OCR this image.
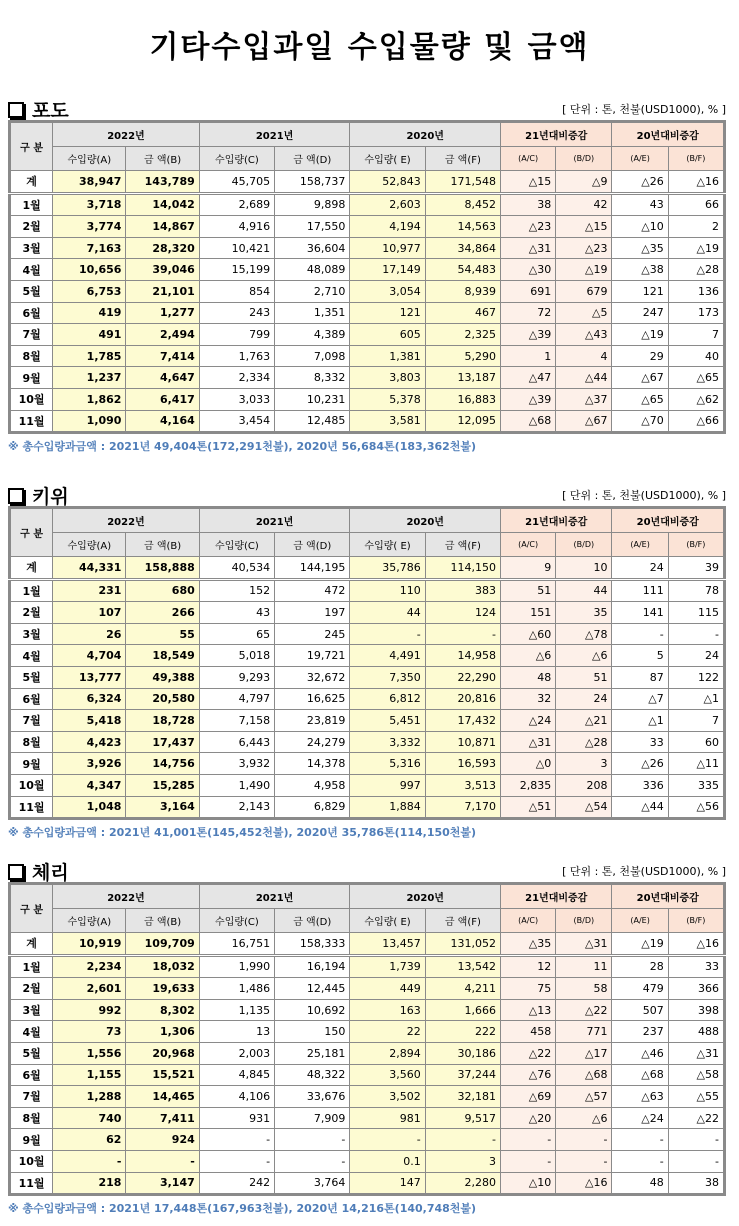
기타수입과일 수입물량 및 금액
포도	[ 단위 : 톤, 천불(USD1000), % ]
구 분	2022년		2021년		2020년		21년대비증감		20년대비증감	
	수입량(A)	금 액(B)	수입량(C)	금 액(D)	수입량( E)	금 액(F)	(A/C)	(B/D)	(A/E)	(B/F)
계	38,947	143,789	45,705	158,737	52,843	171,548	△15	△9	△26	△16
1월	3,718	14,042	2,689	9,898	2,603	8,452	38	42	43	66
2월	3,774	14,867	4,916	17,550	4,194	14,563	△23	△15	△10	2
3월	7,163	28,320	10,421	36,604	10,977	34,864	△31	△23	△35	△19
4월	10,656	39,046	15,199	48,089	17,149	54,483	△30	△19	△38	△28
5월	6,753	21,101	854	2,710	3,054	8,939	691	679	121	136
6월	419	1,277	243	1,351	121	467	72	△5	247	173
7월	491	2,494	799	4,389	605	2,325	△39	△43	△19	7
8월	1,785	7,414	1,763	7,098	1,381	5,290	1	4	29	40
9월	1,237	4,647	2,334	8,332	3,803	13,187	△47	△44	△67	△65
10월	1,862	6,417	3,033	10,231	5,378	16,883	△39	△37	△65	△62
11월	1,090	4,164	3,454	12,485	3,581	12,095	△68	△67	△70	△66
※ 총수입량과금액 : 2021년 49,404톤(172,291천불), 2020년 56,684톤(183,362천불)
키위	[ 단위 : 톤, 천불(USD1000), % ]
구 분	2022년		2021년		2020년		21년대비증감		20년대비증감	
	수입량(A)	금 액(B)	수입량(C)	금 액(D)	수입량( E)	금 액(F)	(A/C)	(B/D)	(A/E)	(B/F)
계	44,331	158,888	40,534	144,195	35,786	114,150	9	10	24	39
1월	231	680	152	472	110	383	51	44	111	78
2월	107	266	43	197	44	124	151	35	141	115
3월	26	55	65	245	-	-	△60	△78	-	-
4월	4,704	18,549	5,018	19,721	4,491	14,958	△6	△6	5	24
5월	13,777	49,388	9,293	32,672	7,350	22,290	48	51	87	122
6월	6,324	20,580	4,797	16,625	6,812	20,816	32	24	△7	△1
7월	5,418	18,728	7,158	23,819	5,451	17,432	△24	△21	△1	7
8월	4,423	17,437	6,443	24,279	3,332	10,871	△31	△28	33	60
9월	3,926	14,756	3,932	14,378	5,316	16,593	△0	3	△26	△11
10월	4,347	15,285	1,490	4,958	997	3,513	2,835	208	336	335
11월	1,048	3,164	2,143	6,829	1,884	7,170	△51	△54	△44	△56
※ 총수입량과금액 : 2021년 41,001톤(145,452천불), 2020년 35,786톤(114,150천불)
체리	[ 단위 : 톤, 천불(USD1000), % ]
구 분	2022년		2021년		2020년		21년대비증감		20년대비증감	
	수입량(A)	금 액(B)	수입량(C)	금 액(D)	수입량( E)	금 액(F)	(A/C)	(B/D)	(A/E)	(B/F)
계	10,919	109,709	16,751	158,333	13,457	131,052	△35	△31	△19	△16
1월	2,234	18,032	1,990	16,194	1,739	13,542	12	11	28	33
2월	2,601	19,633	1,486	12,445	449	4,211	75	58	479	366
3월	992	8,302	1,135	10,692	163	1,666	△13	△22	507	398
4월	73	1,306	13	150	22	222	458	771	237	488
5월	1,556	20,968	2,003	25,181	2,894	30,186	△22	△17	△46	△31
6월	1,155	15,521	4,845	48,322	3,560	37,244	△76	△68	△68	△58
7월	1,288	14,465	4,106	33,676	3,502	32,181	△69	△57	△63	△55
8월	740	7,411	931	7,909	981	9,517	△20	△6	△24	△22
9월	62	924	-	-	-	-	-	-	-	-
10월	-	-	-	-	0.1	3	-	-	-	-
11월	218	3,147	242	3,764	147	2,280	△10	△16	48	38
※ 총수입량과금액 : 2021년 17,448톤(167,963천불), 2020년 14,216톤(140,748천불)
